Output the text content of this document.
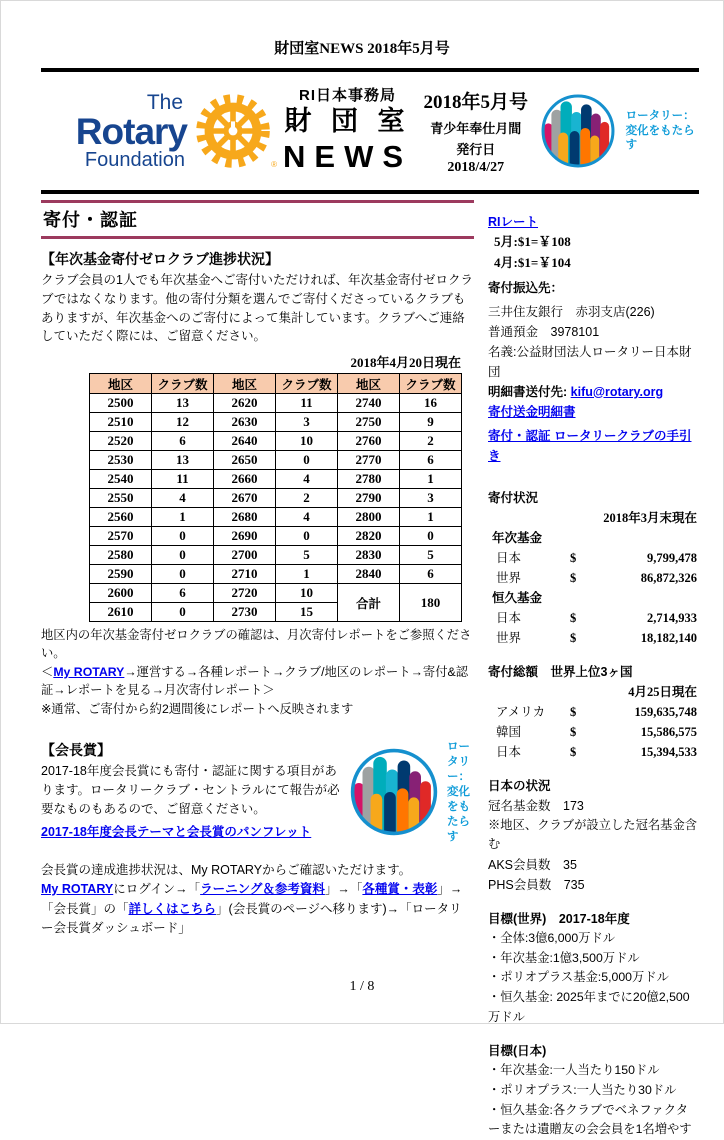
財団室NEWS 2018年5月号
The
Rotary
Foundation	®
RI日本事務局
財 団 室
NEWS
2018年5月号
青少年奉仕月間
発行日
2018/4/27
ロータリー：
変化をもたらす
寄付・認証
【年次基金寄付ゼロクラブ進捗状況】

クラブ会員の1人でも年次基金へご寄付いただければ、年次基金寄付ゼロクラブではなくなります。他の寄付分類を選んでご寄付くださっているクラブもありますが、年次基金へのご寄付によって集計しています。クラブへご連絡していただく際には、ご留意ください。

2018年4月20日現在
地区	クラブ数	地区	クラブ数	地区	クラブ数
2500	13	2620	11	2740	16
2510	12	2630	3	2750	9
2520	6	2640	10	2760	2
2530	13	2650	0	2770	6
2540	11	2660	4	2780	1
2550	4	2670	2	2790	3
2560	1	2680	4	2800	1
2570	0	2690	0	2820	0
2580	0	2700	5	2830	5
2590	0	2710	1	2840	6
2600	6	2720	10	合計	180
2610	0	2730	15		

地区内の年次基金寄付ゼロクラブの確認は、月次寄付レポートをご参照ください。
＜My ROTARY→運営する→各種レポート→クラブ/地区のレポート→寄付&認証→レポートを見る→月次寄付レポート＞
※通常、ご寄付から約2週間後にレポートへ反映されます

【会長賞】

2017-18年度会長賞にも寄付・認証に関する項目があります。ロータリークラブ・セントラルにて報告が必要なものもあるので、ご留意ください。

2017-18年度会長テーマと会長賞のパンフレット
ロータリー：
変化をもたらす

会長賞の達成進捗状況は、My ROTARYからご確認いただけます。
My ROTARYにログイン→「ラーニング＆参考資料」→「各種賞・表彰」→「会長賞」の「詳しくはこちら」(会長賞のページへ移ります)→「ロータリー会長賞ダッシュボード」

RIレート
5月:$1=￥108
4月:$1=￥104
寄付振込先：
三井住友銀行　赤羽支店(226)
普通預金　3978101
名義:公益財団法人ロータリー日本財団
明細書送付先: kifu@rotary.org
寄付送金明細書
寄付・認証 ロータリークラブの手引き
寄付状況
2018年3月末現在
年次基金
日本	$	9,799,478
世界	$	86,872,326
恒久基金
日本	$	2,714,933
世界	$	18,182,140
寄付総額　世界上位3ヶ国
4月25日現在
アメリカ	$	159,635,748
韓国	$	15,586,575
日本	$	15,394,533
日本の状況
冠名基金数　173
※地区、クラブが設立した冠名基金含む
AKS会員数　35
PHS会員数　735
目標(世界)　2017-18年度
・全体:3億6,000万ドル
・年次基金:1億3,500万ドル
・ポリオプラス基金:5,000万ドル
・恒久基金: 2025年までに20億2,500万ドル
目標(日本)
・年次基金:一人当たり150ドル
・ポリオプラス:一人当たり30ドル
・恒久基金:各クラブでベネファクターまたは遺贈友の会会員を1名増やす
1 / 8
